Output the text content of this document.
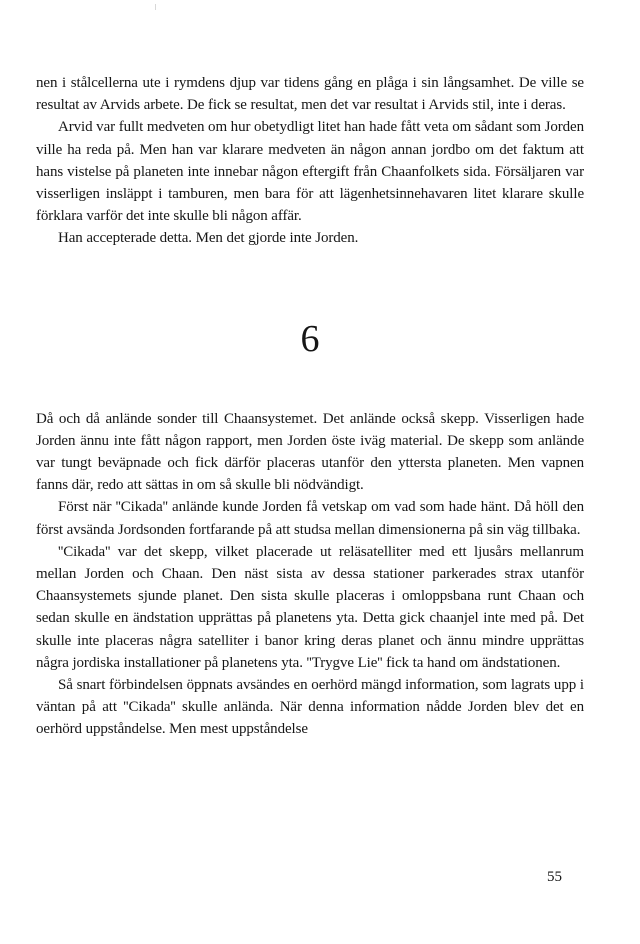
nen i stålcellerna ute i rymdens djup var tidens gång en plåga i sin långsamhet. De ville se resultat av Arvids arbete. De fick se resultat, men det var resultat i Arvids stil, inte i deras.

Arvid var fullt medveten om hur obetydligt litet han hade fått veta om sådant som Jorden ville ha reda på. Men han var klarare medveten än någon annan jordbo om det faktum att hans vistelse på planeten inte innebar någon eftergift från Chaanfolkets sida. Försäljaren var visserligen insläppt i tamburen, men bara för att lägenhetsinnehavaren litet klarare skulle förklara varför det inte skulle bli någon affär.

Han accepterade detta. Men det gjorde inte Jorden.

6

Då och då anlände sonder till Chaansystemet. Det anlände också skepp. Visserligen hade Jorden ännu inte fått någon rapport, men Jorden öste iväg material. De skepp som anlände var tungt beväpnade och fick därför placeras utanför den yttersta planeten. Men vapnen fanns där, redo att sättas in om så skulle bli nödvändigt.

Först när ''Cikada'' anlände kunde Jorden få vetskap om vad som hade hänt. Då höll den först avsända Jordsonden fortfarande på att studsa mellan dimensionerna på sin väg tillbaka.

''Cikada'' var det skepp, vilket placerade ut reläsatelliter med ett ljusårs mellanrum mellan Jorden och Chaan. Den näst sista av dessa stationer parkerades strax utanför Chaansystemets sjunde planet. Den sista skulle placeras i omloppsbana runt Chaan och sedan skulle en ändstation upprättas på planetens yta. Detta gick chaanjel inte med på. Det skulle inte placeras några satelliter i banor kring deras planet och ännu mindre upprättas några jordiska installationer på planetens yta. ''Trygve Lie'' fick ta hand om ändstationen.

Så snart förbindelsen öppnats avsändes en oerhörd mängd information, som lagrats upp i väntan på att ''Cikada'' skulle anlända. När denna information nådde Jorden blev det en oerhörd uppståndelse. Men mest uppståndelse

55
